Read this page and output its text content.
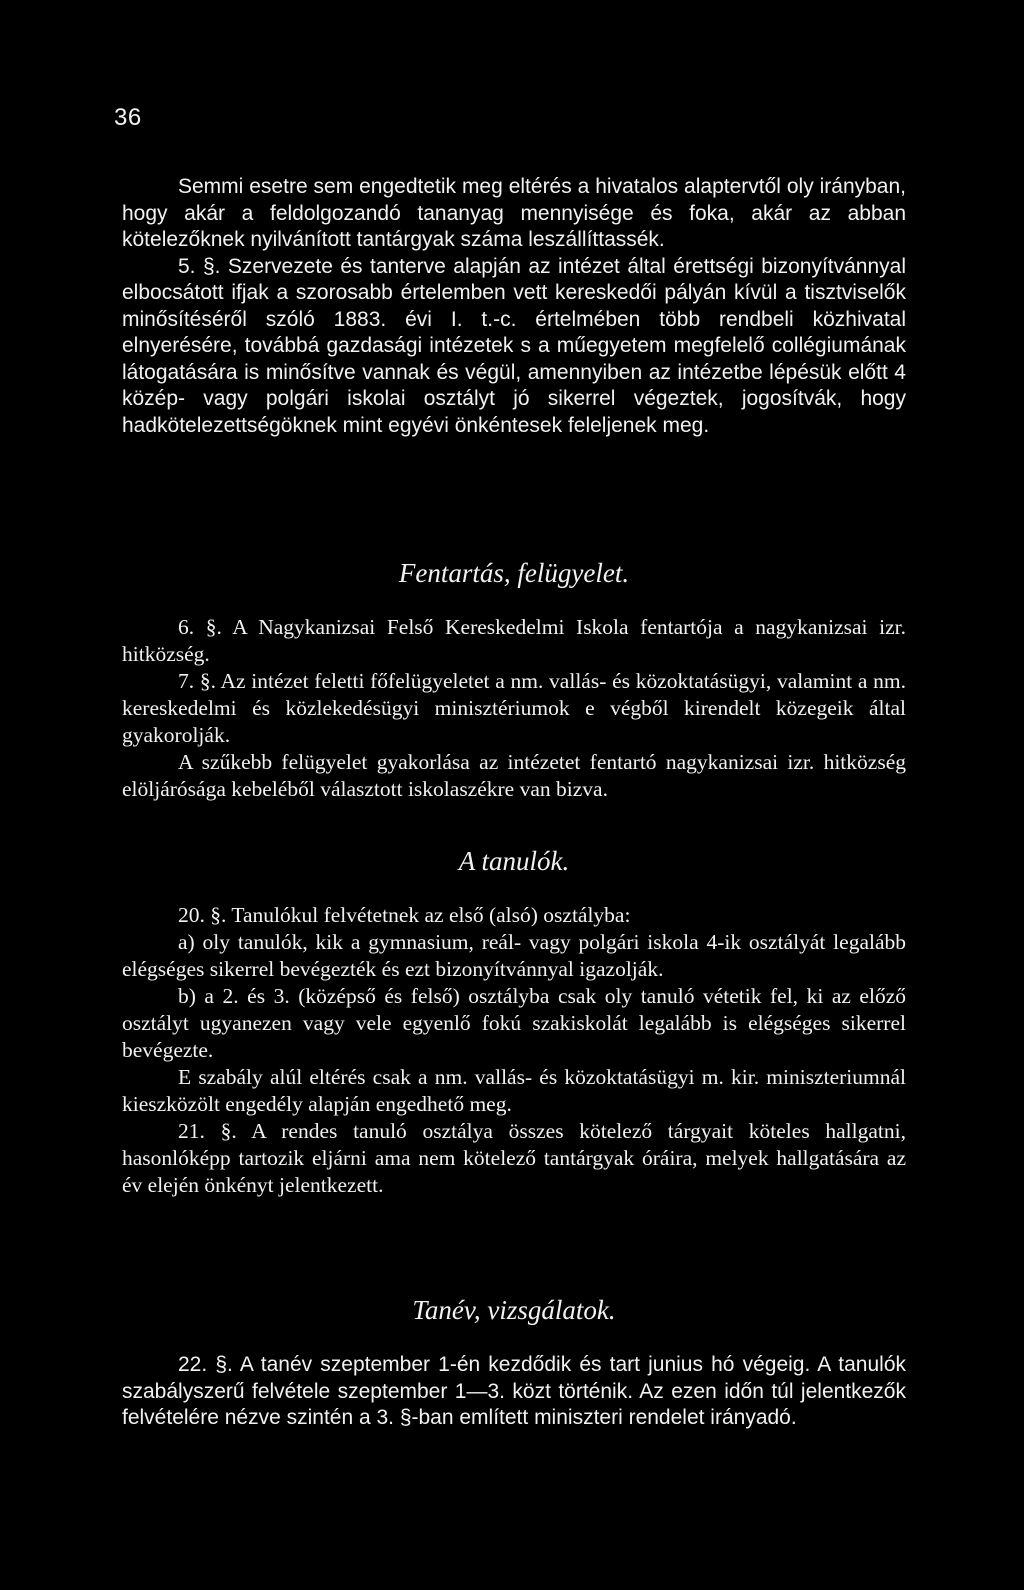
36

Semmi esetre sem engedtetik meg eltérés a hivatalos alaptervtől oly irányban, hogy akár a feldolgozandó tananyag mennyisége és foka, akár az abban kötelezőknek nyilvánított tantárgyak száma leszállíttassék.

5. §. Szervezete és tanterve alapján az intézet által érettségi bizonyítvánnyal elbocsátott ifjak a szorosabb értelemben vett kereskedői pályán kívül a tisztviselők minősítéséről szóló 1883. évi I. t.-c. értelmében több rendbeli közhivatal elnyerésére, továbbá gazdasági intézetek s a műegyetem megfelelő collégiumának látogatására is minősítve vannak és végül, amennyiben az intézetbe lépésük előtt 4 közép- vagy polgári iskolai osztályt jó sikerrel végeztek, jogosítvák, hogy hadkötelezettségöknek mint egyévi önkéntesek feleljenek meg.

Fentartás, felügyelet.

6. §. A Nagykanizsai Felső Kereskedelmi Iskola fentartója a nagykanizsai izr. hitközség.

7. §. Az intézet feletti főfelügyeletet a nm. vallás- és közoktatásügyi, valamint a nm. kereskedelmi és közlekedésügyi minisztériumok e végből kirendelt közegeik által gyakorolják.

A szűkebb felügyelet gyakorlása az intézetet fentartó nagykanizsai izr. hitközség elöljárósága kebeléből választott iskolaszékre van bizva.

A tanulók.

20. §. Tanulókul felvétetnek az első (alsó) osztályba:

a) oly tanulók, kik a gymnasium, reál- vagy polgári iskola 4-ik osztályát legalább elégséges sikerrel bevégezték és ezt bizonyítvánnyal igazolják.

b) a 2. és 3. (középső és felső) osztályba csak oly tanuló vétetik fel, ki az előző osztályt ugyanezen vagy vele egyenlő fokú szakiskolát legalább is elégséges sikerrel bevégezte.

E szabály alúl eltérés csak a nm. vallás- és közoktatásügyi m. kir. miniszteriumnál kieszközölt engedély alapján engedhető meg.

21. §. A rendes tanuló osztálya összes kötelező tárgyait köteles hallgatni, hasonlóképp tartozik eljárni ama nem kötelező tantárgyak óráira, melyek hallgatására az év elején önkényt jelentkezett.

Tanév, vizsgálatok.

22. §. A tanév szeptember 1-én kezdődik és tart junius hó végeig. A tanulók szabályszerű felvétele szeptember 1—3. közt történik. Az ezen időn túl jelentkezők felvételére nézve szintén a 3. §-ban említett miniszteri rendelet irányadó.
